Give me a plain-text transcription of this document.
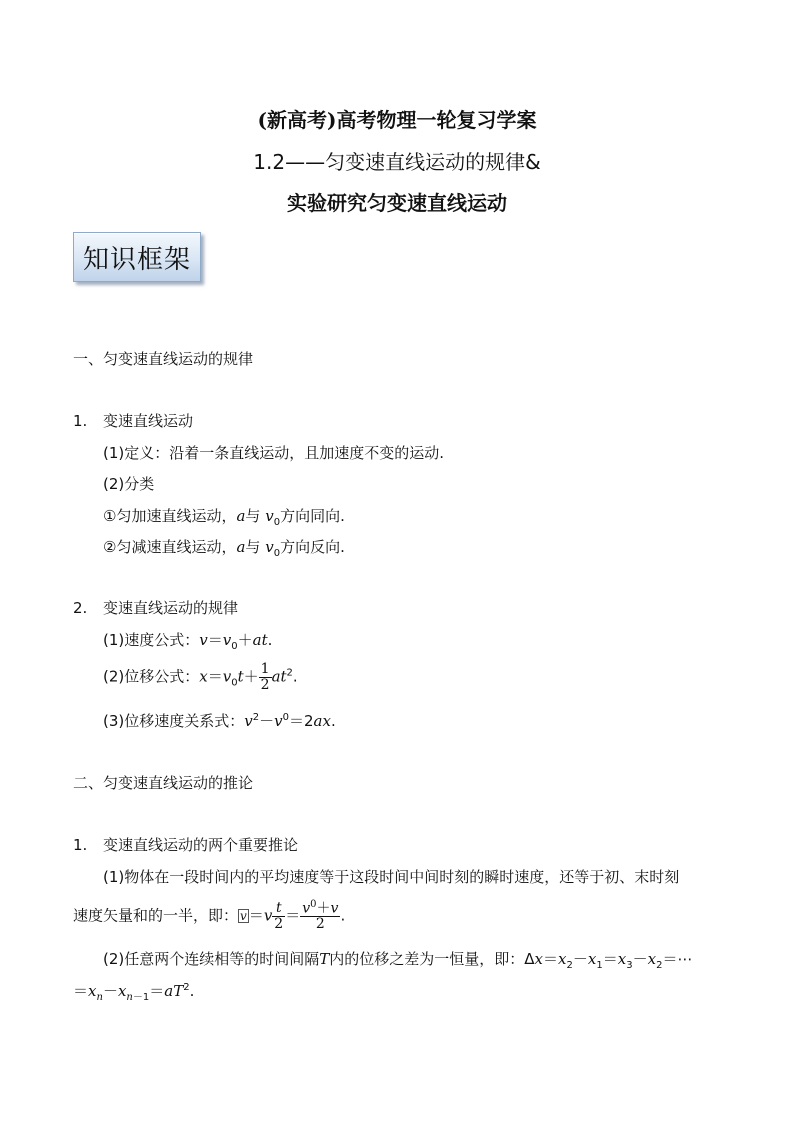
(新高考)高考物理一轮复习学案
1.2——匀变速直线运动的规律&
实验研究匀变速直线运动
知识框架
一、匀变速直线运动的规律
1. 变速直线运动
(1)定义：沿着一条直线运动，且加速度不变的运动.
(2)分类
①匀加速直线运动，a与 $v_0$方向同向.
②匀减速直线运动，a与 $v_0$方向反向.
2. 变速直线运动的规律
(1)速度公式：$v=v_0+at$.
(2)位移公式：$x=v_0t+ \frac{1}{2} at^2$.
(3)位移速度关系式：$v^2-v^0=2ax$.
二、匀变速直线运动的推论
1. 变速直线运动的两个重要推论
(1)物体在一段时间内的平均速度等于这段时间中间时刻的瞬时速度，还等于初、末时刻
速度矢量和的一半，即： $v =v \frac{t}{2} = \frac{v^0+v}{2}$ .
(2)任意两个连续相等的时间间隔T内的位移之差为一恒量，即：$\Delta x=x_2-x_1=x_3-x_2=\cdots$
$=x_n-x_{n-1}=aT^2$.
